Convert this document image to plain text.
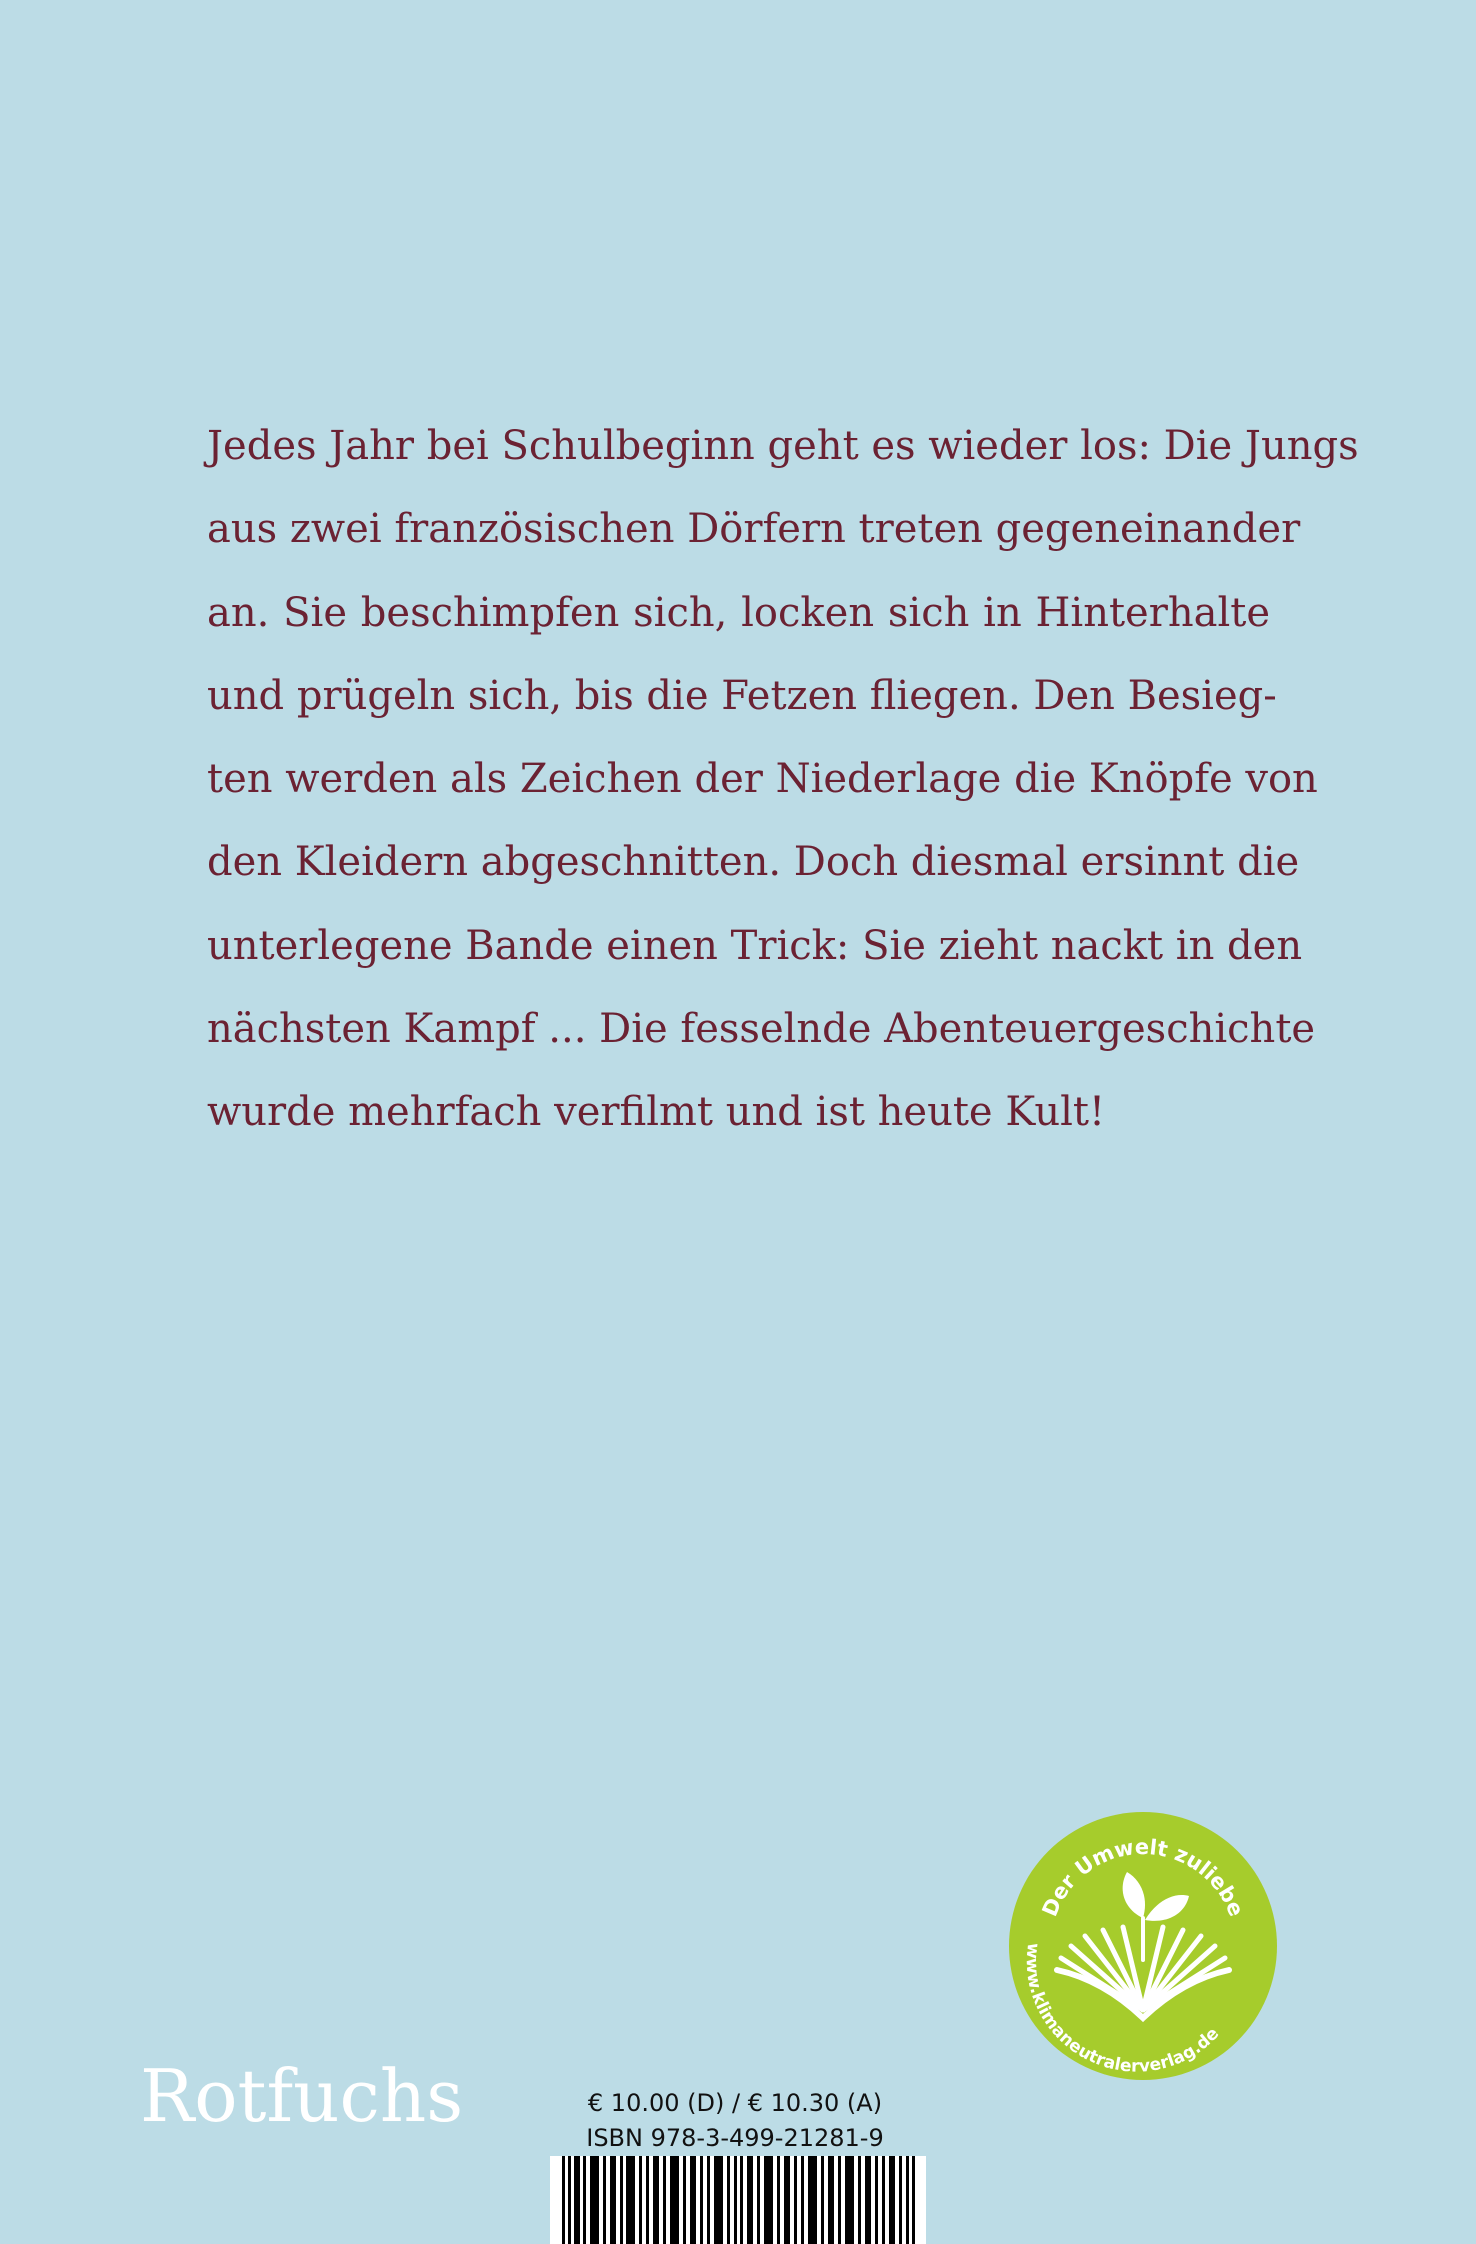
Jedes Jahr bei Schulbeginn geht es wieder los: Die Jungs
aus zwei französischen Dörfern treten gegeneinander
an. Sie beschimpfen sich, locken sich in Hinterhalte
und prügeln sich, bis die Fetzen fliegen. Den Besieg-
ten werden als Zeichen der Niederlage die Knöpfe von
den Kleidern abgeschnitten. Doch diesmal ersinnt die
unterlegene Bande einen Trick: Sie zieht nackt in den
nächsten Kampf ... Die fesselnde Abenteuergeschichte
wurde mehrfach verfilmt und ist heute Kult!
Der Umwelt zuliebe
www.klimaneutralerverlag.de
Rotfuchs	€ 10.00 (D) / € 10.30 (A)
ISBN 978-3-499-21281-9
